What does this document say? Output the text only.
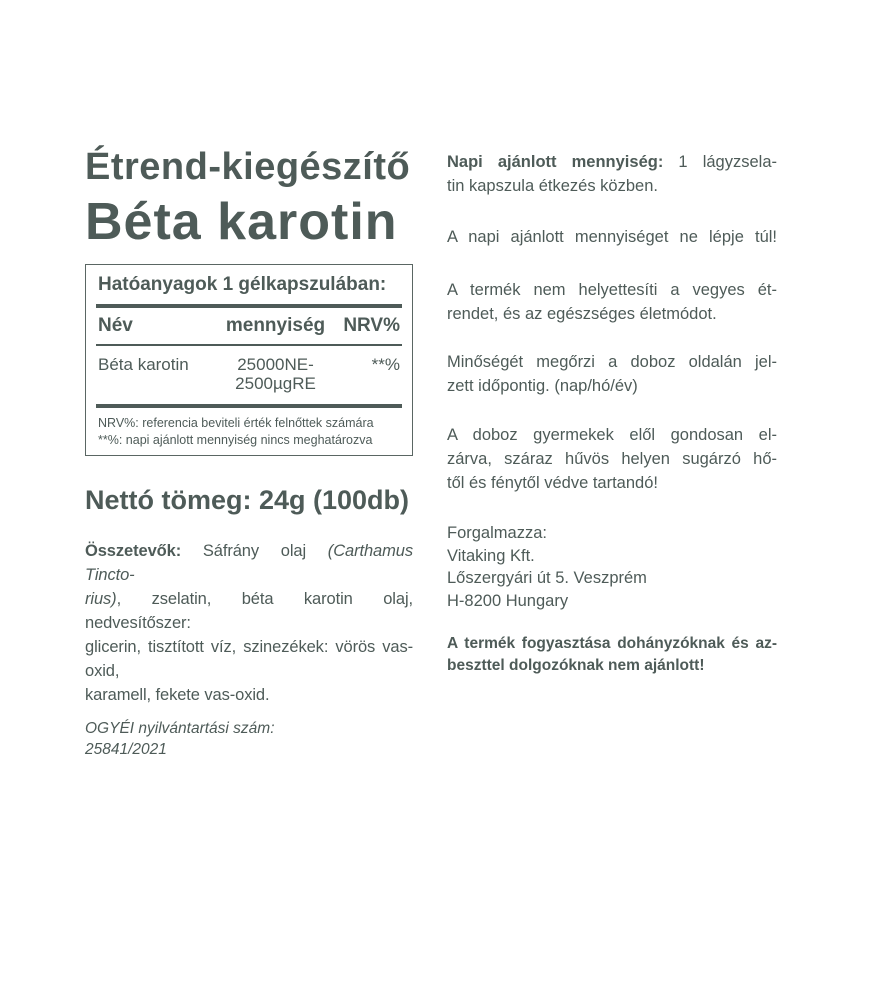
Étrend-kiegészítő
Béta karotin
Hatóanyagok 1 gélkapszulában:
Név	mennyiség NRV%
Béta karotin	25000NE-
2500µgRE
**%
NRV%: referencia beviteli érték felnőttek számára
**%: napi ajánlott mennyiség nincs meghatározva
Nettó tömeg: 24g (100db)
Összetevők: Sáfrány olaj (Carthamus Tincto-
rius), zselatin, béta karotin olaj, nedvesítőszer:
glicerin, tisztított víz, szinezékek: vörös vas-oxid,
karamell, fekete vas-oxid.
OGYÉI nyilvántartási szám:
25841/2021
Napi ajánlott mennyiség: 1 lágyzsela-
tin kapszula étkezés közben.
A napi ajánlott mennyiséget ne lépje túl!
A termék nem helyettesíti a vegyes ét-
rendet, és az egészséges életmódot.
Minőségét megőrzi a doboz oldalán jel-
zett időpontig. (nap/hó/év)
A doboz gyermekek elől gondosan el-
zárva, száraz hűvös helyen sugárzó hő-
től és fénytől védve tartandó!
Forgalmazza:
Vitaking Kft.
Lőszergyári út 5. Veszprém
H-8200 Hungary
A termék fogyasztása dohányzóknak és az-
beszttel dolgozóknak nem ajánlott!
